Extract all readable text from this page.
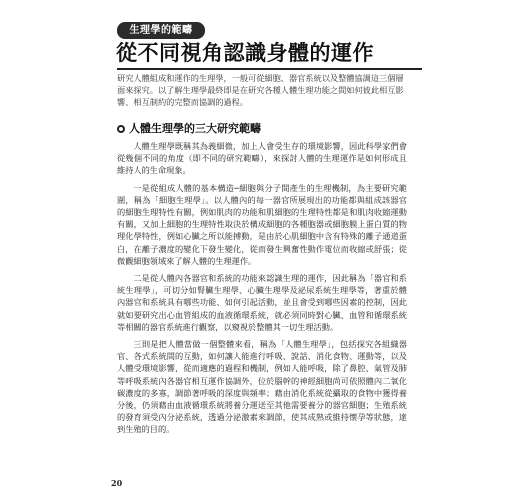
生理學的範疇
從不同視角認識身體的運作

研究人體組成和運作的生理學，一般可從細胞、器官系統以及整體協調這三個層面來探究。以了解生理學最終即是在研究各種人體生理功能之間如何彼此相互影響、相互制約的完整而協調的過程。

人體生理學的三大研究範疇

人體生理學既稱其為義細微，加上人會受生存的環境影響，因此科學家們會從幾個不同的角度（即不同的研究範疇），來探討人體的生理運作是如何形成且維持人的生命現象。

一是從組成人體的基本構造─細胞與分子間產生的生理機制，為主要研究範圍，稱為「細胞生理學」。以人體內的每一器官所展現出的功能都與組成該器官的細胞生理特性有關，例如肌肉的功能和肌細胞的生理特性都是和肌肉收縮運動有關，又加上細胞的生理特性取決於構成細胞的各種胞器或細胞膜上蛋白質的物理化學特性，例如心臟之所以能搏動，是由於心肌細胞中含有特殊的離子通道蛋白，在離子濃度的變化下發生變化，從而發生興奮性動作電位而收縮或舒張；從微觀細胞領域來了解人體的生理運作。

二是從人體內各器官和系統的功能來認識生理的運作，因此稱為「器官和系統生理學」，可切分如腎臟生理學、心臟生理學及泌尿系統生理學等，著重於體內器官和系統具有哪些功能、如何引起活動，並且會受到哪些因素的控制，因此就如要研究出心血管組成的血液循環系統，就必須同時對心臟、血管和循環系統等相關的器官系統進行觀察，以窺視於整體其一切生理活動。

三則是把人體當做一個整體來看，稱為「人體生理學」，包括探究各組織器官、各式系統間的互動，如何讓人能進行呼吸、說話、消化食物、運動等，以及人體受環境影響，從而適應的過程和機制，例如人能呼吸，除了鼻腔、氣管及肺等呼吸系統內各器官相互運作協調外，位於腦幹的神經細胞尚可依照體內二氧化碳濃度的多寡，調節著呼吸的深度與頻率；藉由消化系統從攝取的食物中獲得養分後，仍須藉由血液循環系統將養分運送至其他需要養分的器官細胞；生殖系統的發育須受內分泌系統，透過分泌激素來調節，使其成熟或維持懷孕等狀態，達到生殖的目的。

20
